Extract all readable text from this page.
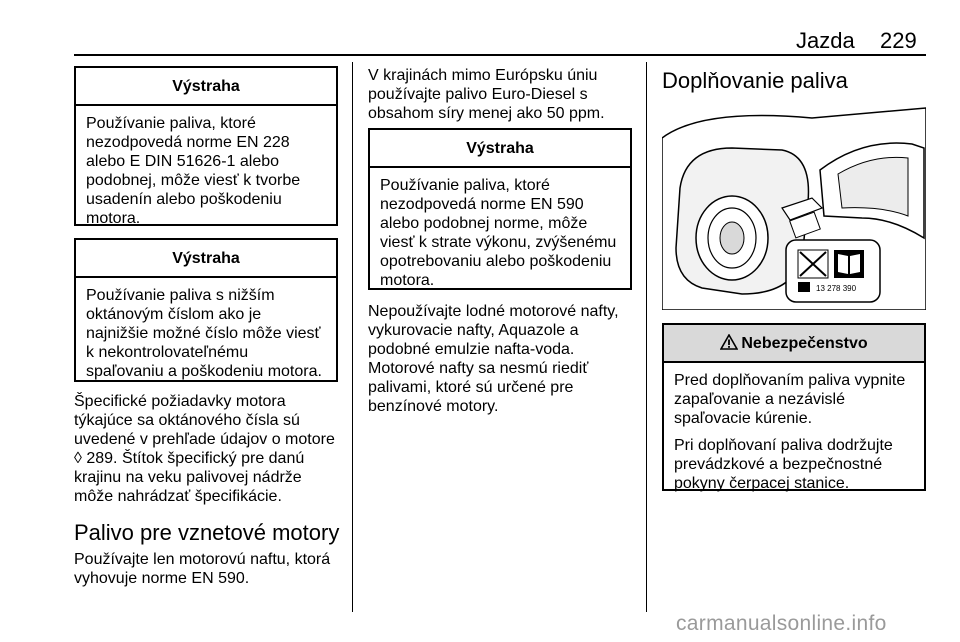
Jazda 229
Výstraha

Používanie paliva, ktoré nezodpovedá norme EN 228 alebo E DIN 51626-1 alebo podobnej, môže viesť k tvorbe usadenín alebo poškodeniu motora.

Výstraha

Používanie paliva s nižším oktánovým číslom ako je najnižšie možné číslo môže viesť k nekontrolovateľnému spaľovaniu a poškodeniu motora.

Špecifické požiadavky motora týkajúce sa oktánového čísla sú uvedené v prehľade údajov o motore ◊ 289. Štítok špecifický pre danú krajinu na veku palivovej nádrže môže nahrádzať špecifikácie.

Palivo pre vznetové motory

Používajte len motorovú naftu, ktorá vyhovuje norme EN 590.

V krajinách mimo Európsku úniu používajte palivo Euro-Diesel s obsahom síry menej ako 50 ppm.

Výstraha

Používanie paliva, ktoré nezodpovedá norme EN 590 alebo podobnej norme, môže viesť k strate výkonu, zvýšenému opotrebovaniu alebo poškodeniu motora.

Nepoužívajte lodné motorové nafty, vykurovacie nafty, Aquazole a podobné emulzie nafta-voda. Motorové nafty sa nesmú riediť palivami, ktoré sú určené pre benzínové motory.

Doplňovanie paliva
13 278 390
Nebezpečenstvo

Pred doplňovaním paliva vypnite zapaľovanie a nezávislé spaľovacie kúrenie.

Pri doplňovaní paliva dodržujte prevádzkové a bezpečnostné pokyny čerpacej stanice.

carmanualsonline.info
